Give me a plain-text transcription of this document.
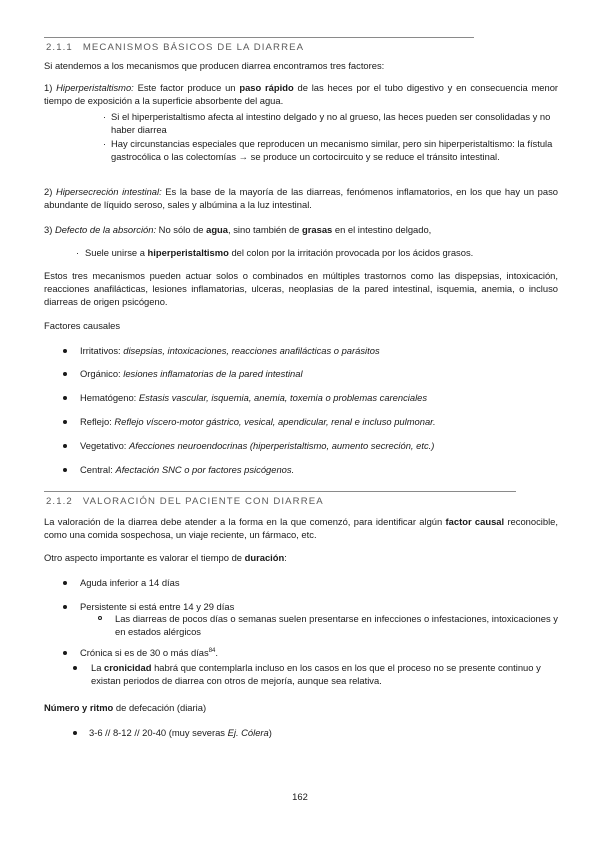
2.1.1 MECANISMOS BÁSICOS DE LA DIARREA

Si atendemos a los mecanismos que producen diarrea encontramos tres factores:

1) Hiperperistaltismo: Este factor produce un paso rápido de las heces por el tubo digestivo y en consecuencia menor tiempo de exposición a la superficie absorbente del agua.

· Si el hiperperistaltismo afecta al intestino delgado y no al grueso, las heces pueden ser consolidadas y no haber diarrea

· Hay circunstancias especiales que reproducen un mecanismo similar, pero sin hiperperistaltismo: la fístula gastrocólica o las colectomías → se produce un cortocircuito y se reduce el tránsito intestinal.

2) Hipersecreción intestinal: Es la base de la mayoría de las diarreas, fenómenos inflamatorios, en los que hay un paso abundante de líquido seroso, sales y albúmina a la luz intestinal.

3) Defecto de la absorción: No sólo de agua, sino también de grasas en el intestino delgado,

· Suele unirse a hiperperistaltismo del colon por la irritación provocada por los ácidos grasos.

Estos tres mecanismos pueden actuar solos o combinados en múltiples trastornos como las dispepsias, intoxicación, reacciones anafilácticas, lesiones inflamatorias, ulceras, neoplasias de la pared intestinal, isquemia, anemia, o incluso diarreas de origen psicógeno.

Factores causales

Irritativos: disepsias, intoxicaciones, reacciones anafilácticas o parásitos

Orgánico: lesiones inflamatorias de la pared intestinal

Hematógeno: Estasis vascular, isquemia, anemia, toxemia o problemas carenciales

Reflejo: Reflejo víscero-motor gástrico, vesical, apendicular, renal e incluso pulmonar.

Vegetativo: Afecciones neuroendocrinas (hiperperistaltismo, aumento secreción, etc.)

Central: Afectación SNC o por factores psicógenos.

2.1.2 VALORACIÓN DEL PACIENTE CON DIARREA

La valoración de la diarrea debe atender a la forma en la que comenzó, para identificar algún factor causal reconocible, como una comida sospechosa, un viaje reciente, un fármaco, etc.

Otro aspecto importante es valorar el tiempo de duración:

Aguda inferior a 14 días

Persistente si está entre 14 y 29 días

Las diarreas de pocos días o semanas suelen presentarse en infecciones o infestaciones, intoxicaciones y en estados alérgicos

Crónica si es de 30 o más días$^{84}$.

La cronicidad habrá que contemplarla incluso en los casos en los que el proceso no se presente continuo y existan periodos de diarrea con otros de mejoría, aunque sea relativa.

Número y ritmo de defecación (diaria)

3-6 // 8-12 // 20-40 (muy severas Ej. Cólera)

162
